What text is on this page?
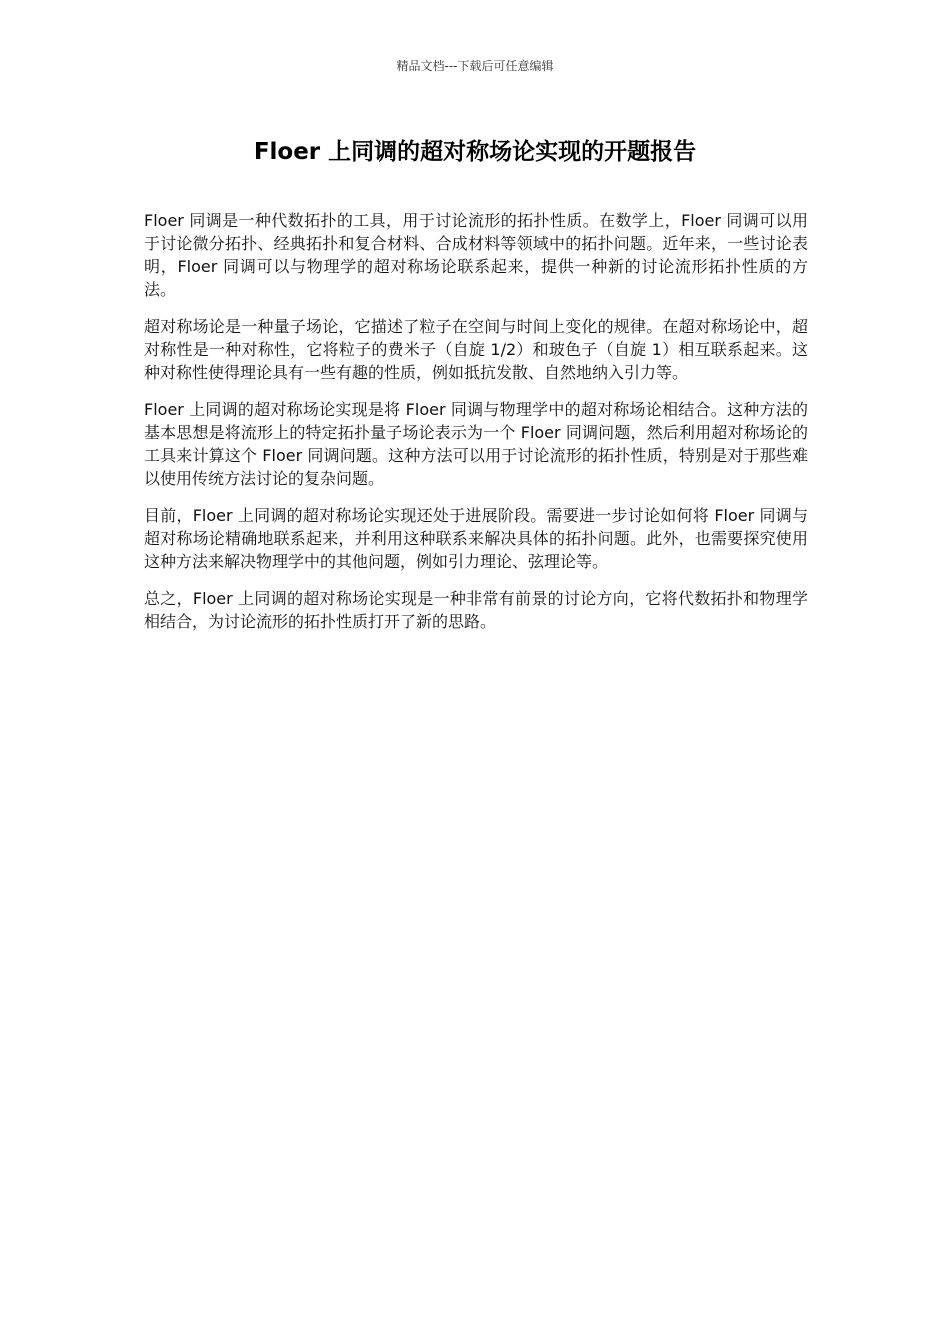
精品文档---下载后可任意编辑
Floer 上同调的超对称场论实现的开题报告

Floer 同调是一种代数拓扑的工具，用于讨论流形的拓扑性质。在数学上，Floer 同调可以用于讨论微分拓扑、经典拓扑和复合材料、合成材料等领域中的拓扑问题。近年来，一些讨论表明，Floer 同调可以与物理学的超对称场论联系起来，提供一种新的讨论流形拓扑性质的方法。

超对称场论是一种量子场论，它描述了粒子在空间与时间上变化的规律。在超对称场论中，超对称性是一种对称性，它将粒子的费米子（自旋 1/2）和玻色子（自旋 1）相互联系起来。这种对称性使得理论具有一些有趣的性质，例如抵抗发散、自然地纳入引力等。

Floer 上同调的超对称场论实现是将 Floer 同调与物理学中的超对称场论相结合。这种方法的基本思想是将流形上的特定拓扑量子场论表示为一个 Floer 同调问题，然后利用超对称场论的工具来计算这个 Floer 同调问题。这种方法可以用于讨论流形的拓扑性质，特别是对于那些难以使用传统方法讨论的复杂问题。

目前，Floer 上同调的超对称场论实现还处于进展阶段。需要进一步讨论如何将 Floer 同调与超对称场论精确地联系起来，并利用这种联系来解决具体的拓扑问题。此外，也需要探究使用这种方法来解决物理学中的其他问题，例如引力理论、弦理论等。

总之，Floer 上同调的超对称场论实现是一种非常有前景的讨论方向，它将代数拓扑和物理学相结合，为讨论流形的拓扑性质打开了新的思路。
